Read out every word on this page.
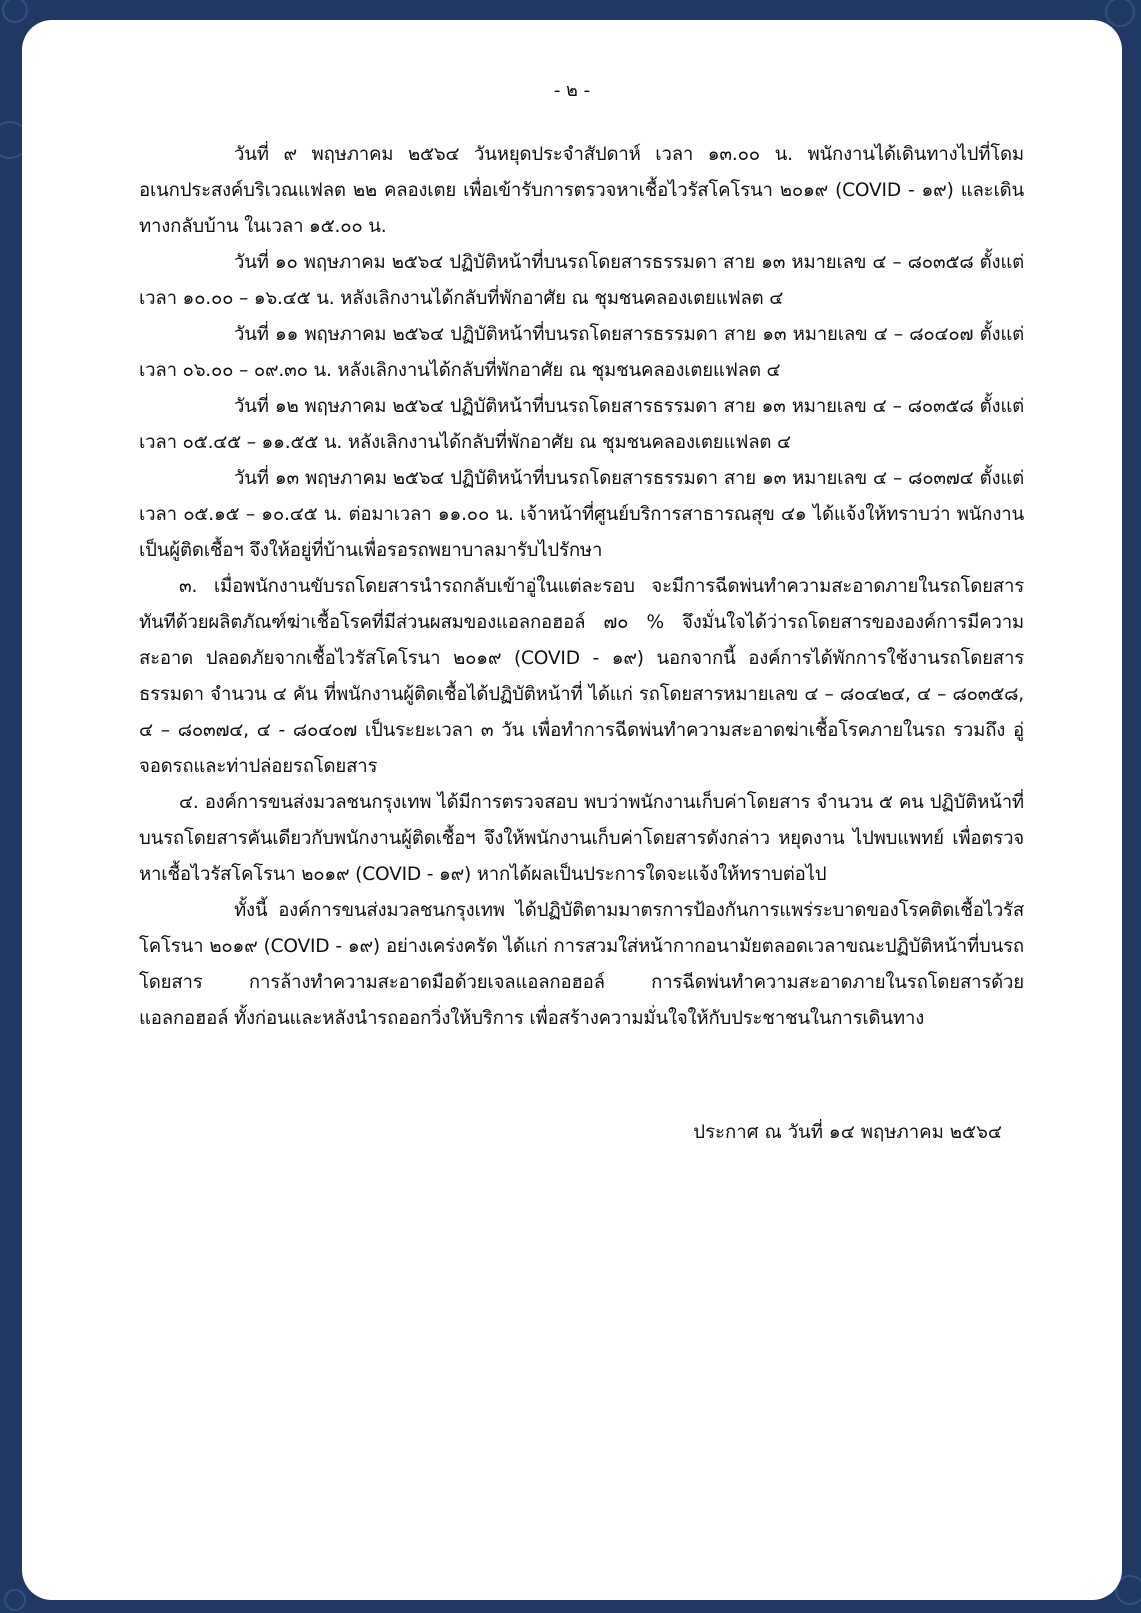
- ๒ -

วันที่ ๙ พฤษภาคม ๒๕๖๔ วันหยุดประจำสัปดาห์ เวลา ๑๓.๐๐ น. พนักงานได้เดินทางไปที่โดมอเนกประสงค์บริเวณแฟลต ๒๒ คลองเตย เพื่อเข้ารับการตรวจหาเชื้อไวรัสโคโรนา ๒๐๑๙ (COVID - ๑๙) และเดินทางกลับบ้าน ในเวลา ๑๕.๐๐ น.

วันที่ ๑๐ พฤษภาคม ๒๕๖๔ ปฏิบัติหน้าที่บนรถโดยสารธรรมดา สาย ๑๓ หมายเลข ๔ – ๘๐๓๕๘ ตั้งแต่เวลา ๑๐.๐๐ – ๑๖.๔๕ น. หลังเลิกงานได้กลับที่พักอาศัย ณ ชุมชนคลองเตยแฟลต ๔

วันที่ ๑๑ พฤษภาคม ๒๕๖๔ ปฏิบัติหน้าที่บนรถโดยสารธรรมดา สาย ๑๓ หมายเลข ๔ – ๘๐๔๐๗ ตั้งแต่เวลา ๐๖.๐๐ – ๐๙.๓๐ น. หลังเลิกงานได้กลับที่พักอาศัย ณ ชุมชนคลองเตยแฟลต ๔

วันที่ ๑๒ พฤษภาคม ๒๕๖๔ ปฏิบัติหน้าที่บนรถโดยสารธรรมดา สาย ๑๓ หมายเลข ๔ – ๘๐๓๕๘ ตั้งแต่เวลา ๐๕.๔๕ – ๑๑.๕๕ น. หลังเลิกงานได้กลับที่พักอาศัย ณ ชุมชนคลองเตยแฟลต ๔

วันที่ ๑๓ พฤษภาคม ๒๕๖๔ ปฏิบัติหน้าที่บนรถโดยสารธรรมดา สาย ๑๓ หมายเลข ๔ – ๘๐๓๗๔ ตั้งแต่เวลา ๐๕.๑๕ – ๑๐.๔๕ น. ต่อมาเวลา ๑๑.๐๐ น. เจ้าหน้าที่ศูนย์บริการสาธารณสุข ๔๑ ได้แจ้งให้ทราบว่า พนักงานเป็นผู้ติดเชื้อฯ จึงให้อยู่ที่บ้านเพื่อรอรถพยาบาลมารับไปรักษา

๓. เมื่อพนักงานขับรถโดยสารนำรถกลับเข้าอู่ในแต่ละรอบ จะมีการฉีดพ่นทำความสะอาดภายในรถโดยสารทันทีด้วยผลิตภัณฑ์ฆ่าเชื้อโรคที่มีส่วนผสมของแอลกอฮอล์ ๗๐ % จึงมั่นใจได้ว่ารถโดยสารขององค์การมีความสะอาด ปลอดภัยจากเชื้อไวรัสโคโรนา ๒๐๑๙ (COVID - ๑๙) นอกจากนี้ องค์การได้พักการใช้งานรถโดยสารธรรมดา จำนวน ๔ คัน ที่พนักงานผู้ติดเชื้อได้ปฏิบัติหน้าที่ ได้แก่ รถโดยสารหมายเลข ๔ – ๘๐๔๒๔, ๔ – ๘๐๓๕๘, ๔ – ๘๐๓๗๔, ๔ - ๘๐๔๐๗ เป็นระยะเวลา ๓ วัน เพื่อทำการฉีดพ่นทำความสะอาดฆ่าเชื้อโรคภายในรถ รวมถึง อู่จอดรถและท่าปล่อยรถโดยสาร

๔. องค์การขนส่งมวลชนกรุงเทพ ได้มีการตรวจสอบ พบว่าพนักงานเก็บค่าโดยสาร จำนวน ๕ คน ปฏิบัติหน้าที่บนรถโดยสารคันเดียวกับพนักงานผู้ติดเชื้อฯ จึงให้พนักงานเก็บค่าโดยสารดังกล่าว หยุดงาน ไปพบแพทย์ เพื่อตรวจหาเชื้อไวรัสโคโรนา ๒๐๑๙ (COVID - ๑๙) หากได้ผลเป็นประการใดจะแจ้งให้ทราบต่อไป

ทั้งนี้ องค์การขนส่งมวลชนกรุงเทพ ได้ปฏิบัติตามมาตรการป้องกันการแพร่ระบาดของโรคติดเชื้อไวรัสโคโรนา ๒๐๑๙ (COVID - ๑๙) อย่างเคร่งครัด ได้แก่ การสวมใส่หน้ากากอนามัยตลอดเวลาขณะปฏิบัติหน้าที่บนรถโดยสาร การล้างทำความสะอาดมือด้วยเจลแอลกอฮอล์ การฉีดพ่นทำความสะอาดภายในรถโดยสารด้วยแอลกอฮอล์ ทั้งก่อนและหลังนำรถออกวิ่งให้บริการ เพื่อสร้างความมั่นใจให้กับประชาชนในการเดินทาง

ประกาศ ณ วันที่ ๑๔ พฤษภาคม ๒๕๖๔
